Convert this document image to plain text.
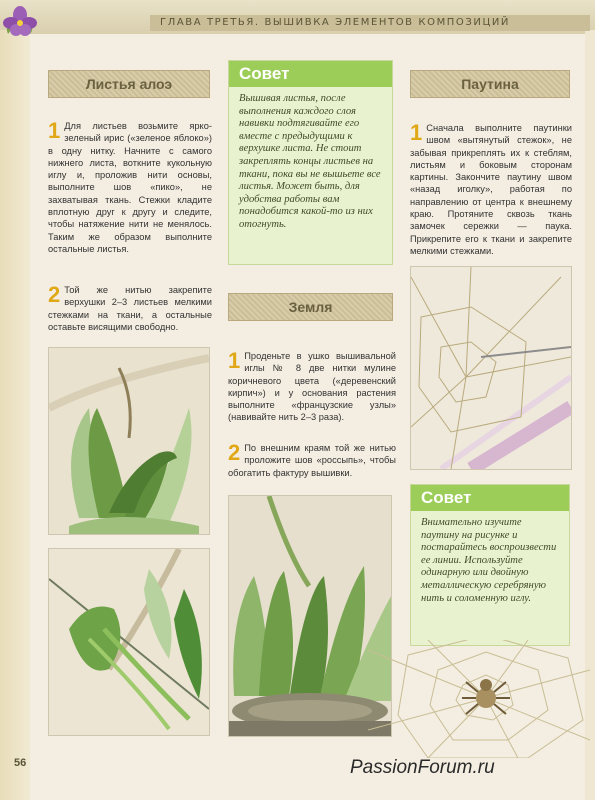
ГЛАВА ТРЕТЬЯ. ВЫШИВКА ЭЛЕМЕНТОВ КОМПОЗИЦИЙ
Листья алоэ
1 Для листьев возьмите ярко-зеленый ирис («зеленое яблоко») в одну нитку. Начните с самого нижнего листа, воткните кукольную иглу и, проложив нити основы, выполните шов «пико», не захватывая ткань. Стежки кладите вплотную друг к другу и следите, чтобы натяжение нити не менялось. Таким же образом выполните остальные листья.
2 Той же нитью закрепите верхушки 2–3 листьев мелкими стежками на ткани, а остальные оставьте висящими свободно.
Совет
Вышивая листья, после выполнения каждого слоя навивки подтягивайте его вместе с предыдущими к верхушке листа. Не стоит закреплять концы листьев на ткани, пока вы не вышьете все листья. Может быть, для удобства работы вам понадобится какой-то из них отогнуть.
Земля
1 Проденьте в ушко вышивальной иглы № 8 две нитки мулине коричневого цвета («деревенский кирпич») и у основания растения выполните «французские узлы» (навивайте нить 2–3 раза).
2 По внешним краям той же нитью проложите шов «россыпь», чтобы обогатить фактуру вышивки.
Паутина
1 Сначала выполните паутинки швом «вытянутый стежок», не забывая прикреплять их к стеблям, листьям и боковым сторонам картины. Закончите паутину швом «назад иголку», работая по направлению от центра к внешнему краю. Протяните сквозь ткань замочек сережки — паука. Прикрепите его к ткани и закрепите мелкими стежками.
Совет
Внимательно изучите паутину на рисунке и постарайтесь воспроизвести ее линии. Используйте одинарную или двойную металлическую серебряную нить и соломенную иглу.
56	PassionForum.ru
